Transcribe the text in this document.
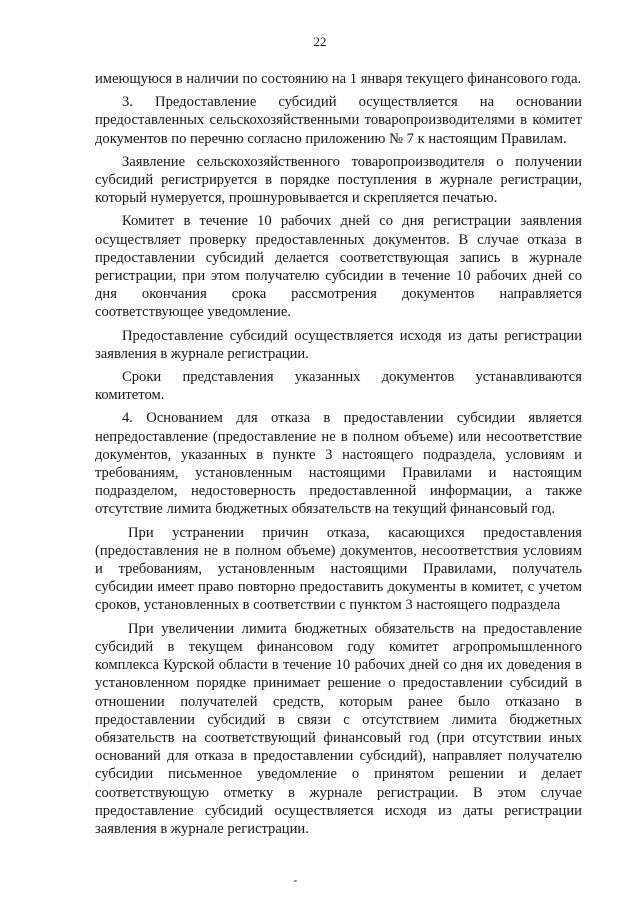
22

имеющуюся в наличии по состоянию на 1 января текущего финансового года.

3. Предоставление субсидий осуществляется на основании предоставленных сельскохозяйственными товаропроизводителями в комитет документов по перечню согласно приложению № 7 к настоящим Правилам.

Заявление сельскохозяйственного товаропроизводителя о получении субсидий регистрируется в порядке поступления в журнале регистрации, который нумеруется, прошнуровывается и скрепляется печатью.

Комитет в течение 10 рабочих дней со дня регистрации заявления осуществляет проверку предоставленных документов. В случае отказа в предоставлении субсидий делается соответствующая запись в журнале регистрации, при этом получателю субсидии в течение 10 рабочих дней со дня окончания срока рассмотрения документов направляется соответствующее уведомление.

Предоставление субсидий осуществляется исходя из даты регистрации заявления в журнале регистрации.

Сроки представления указанных документов устанавливаются комитетом.

4. Основанием для отказа в предоставлении субсидии является непредоставление (предоставление не в полном объеме) или несоответствие документов, указанных в пункте 3 настоящего подраздела, условиям и требованиям, установленным настоящими Правилами и настоящим подразделом, недостоверность предоставленной информации, а также отсутствие лимита бюджетных обязательств на текущий финансовый год.

При устранении причин отказа, касающихся предоставления (предоставления не в полном объеме) документов, несоответствия условиям и требованиям, установленным настоящими Правилами, получатель субсидии имеет право повторно предоставить документы в комитет, с учетом сроков, установленных в соответствии с пунктом 3 настоящего подраздела

При увеличении лимита бюджетных обязательств на предоставление субсидий в текущем финансовом году комитет агропромышленного комплекса Курской области в течение 10 рабочих дней со дня их доведения в установленном порядке принимает решение о предоставлении субсидий в отношении получателей средств, которым ранее было отказано в предоставлении субсидий в связи с отсутствием лимита бюджетных обязательств на соответствующий финансовый год (при отсутствии иных оснований для отказа в предоставлении субсидий), направляет получателю субсидии письменное уведомление о принятом решении и делает соответствующую отметку в журнале регистрации. В этом случае предоставление субсидий осуществляется исходя из даты регистрации заявления в журнале регистрации.
